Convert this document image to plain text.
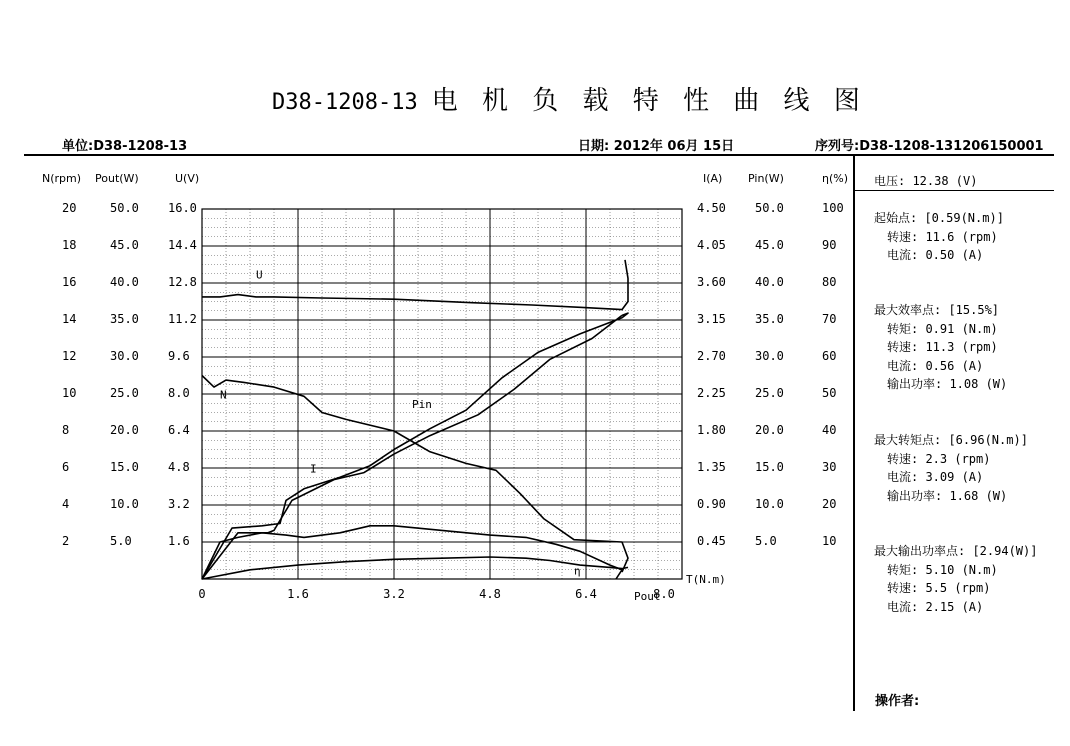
D38-1208-13 电 机 负 载 特 性 曲 线 图
单位:D38-1208-13	日期: 2012年 06月 15日	序列号:D38-1208-131206150001
N(rpm) Pout(W)	U(V)	I(A) Pin(W)	η(%)
20
18
16
14
12
10
8
6
4
2
50.0
45.0
40.0
35.0
30.0
25.0
20.0
15.0
10.0
5.0
16.0
14.4
12.8
11.2
9.6
8.0
6.4
4.8
3.2
1.6
4.50
4.05
3.60
3.15
2.70
2.25
1.80
1.35
0.90
0.45
50.0
45.0
40.0
35.0
30.0
25.0
20.0
15.0
10.0
5.0
100
90
80
70
60
50
40
30
20
10
U
N
Pin
I
η
Pout
0	1.6	3.2	4.8	6.4
T(N.m)
8.0
电压: 12.38 (V)
起始点: [0.59(N.m)]
转速: 11.6 (rpm)
电流: 0.50 (A)
最大效率点: [15.5%]
转矩: 0.91 (N.m)
转速: 11.3 (rpm)
电流: 0.56 (A)
输出功率: 1.08 (W)
最大转矩点: [6.96(N.m)]
转速: 2.3 (rpm)
电流: 3.09 (A)
输出功率: 1.68 (W)
最大输出功率点: [2.94(W)]
转矩: 5.10 (N.m)
转速: 5.5 (rpm)
电流: 2.15 (A)
操作者:
